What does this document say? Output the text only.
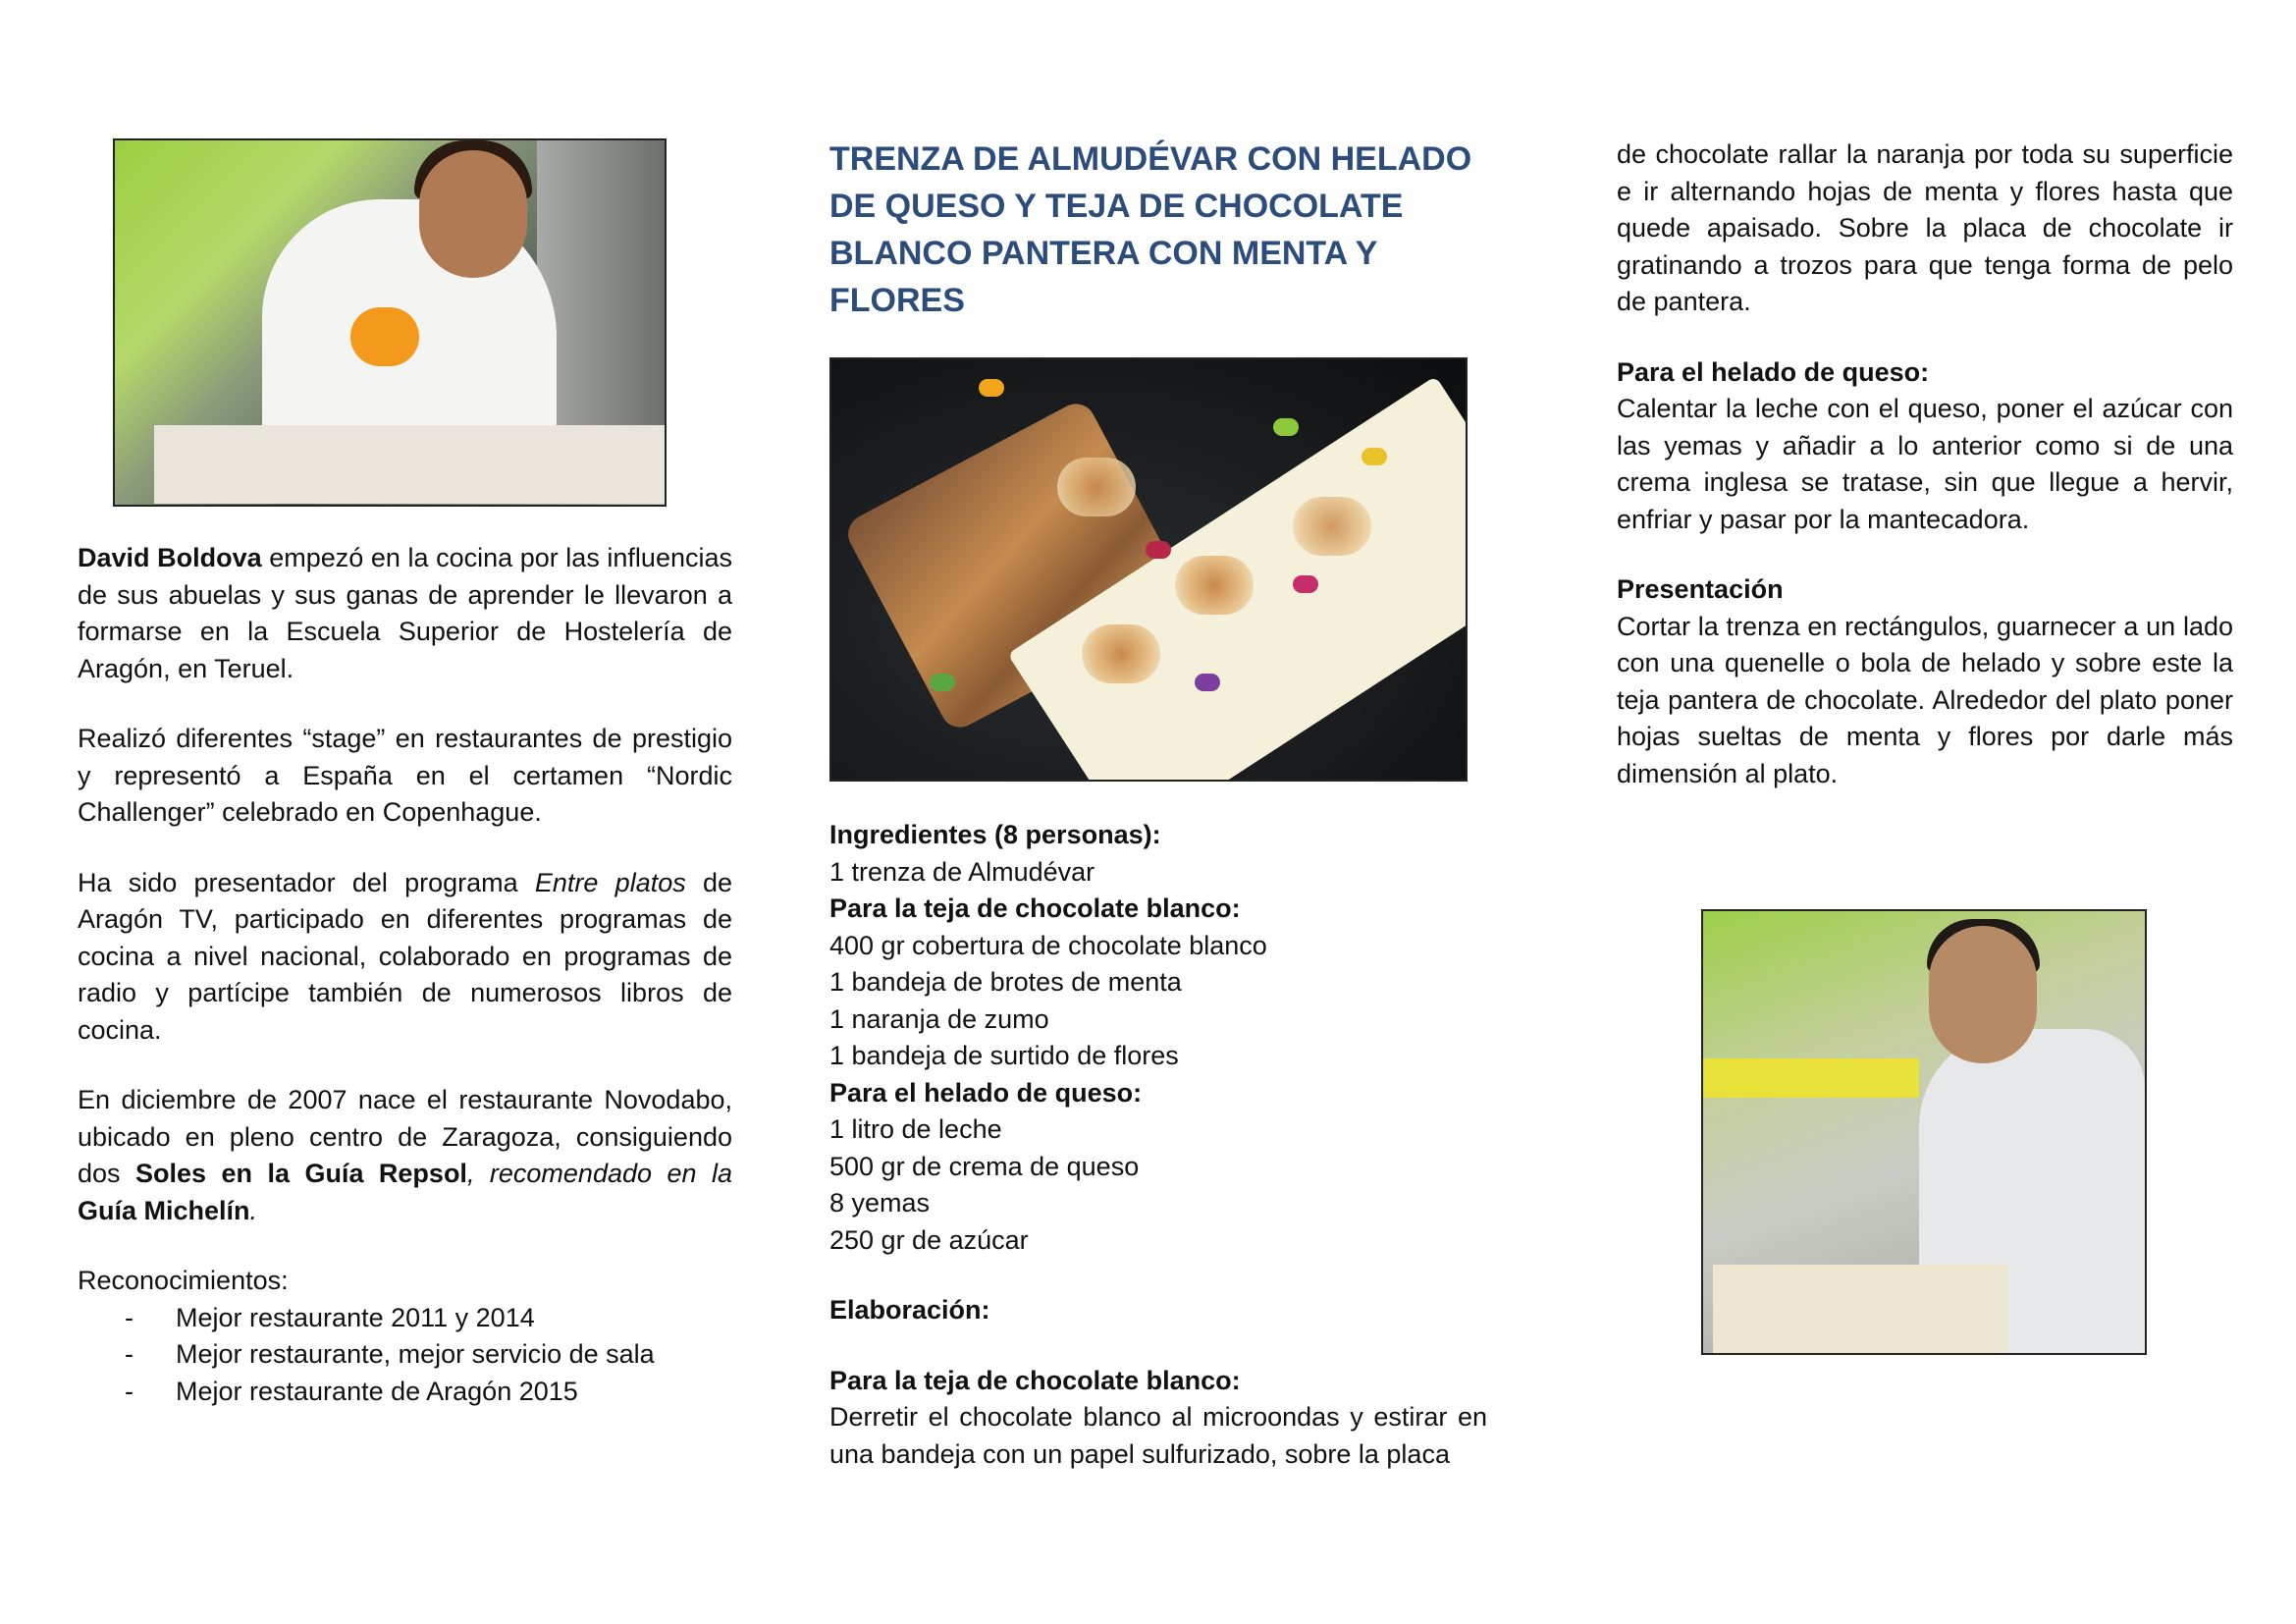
David Boldova empezó en la cocina por las influencias de sus abuelas y sus ganas de aprender le llevaron a formarse en la Escuela Superior de Hostelería de Aragón, en Teruel.

Realizó diferentes “stage” en restaurantes de prestigio y representó a España en el certamen “Nordic Challenger” celebrado en Copenhague.

Ha sido presentador del programa Entre platos de Aragón TV, participado en diferentes programas de cocina a nivel nacional, colaborado en programas de radio y partícipe también de numerosos libros de cocina.

En diciembre de 2007 nace el restaurante Novodabo, ubicado en pleno centro de Zaragoza, consiguiendo dos Soles en la Guía Repsol, recomendado en la Guía Michelín.

Reconocimientos:
- Mejor restaurante 2011 y 2014
- Mejor restaurante, mejor servicio de sala
- Mejor restaurante de Aragón 2015
TRENZA DE ALMUDÉVAR CON HELADO DE QUESO Y TEJA DE CHOCOLATE BLANCO PANTERA CON MENTA Y FLORES
Ingredientes (8 personas):
1 trenza de Almudévar
Para la teja de chocolate blanco:
400 gr cobertura de chocolate blanco
1 bandeja de brotes de menta
1 naranja de zumo
1 bandeja de surtido de flores
Para el helado de queso:
1 litro de leche
500 gr de crema de queso
8 yemas
250 gr de azúcar
Elaboración:
Para la teja de chocolate blanco:
Derretir el chocolate blanco al microondas y estirar en una bandeja con un papel sulfurizado, sobre la placa

de chocolate rallar la naranja por toda su superficie e ir alternando hojas de menta y flores hasta que quede apaisado. Sobre la placa de chocolate ir gratinando a trozos para que tenga forma de pelo de pantera.

Para el helado de queso:

Calentar la leche con el queso, poner el azúcar con las yemas y añadir a lo anterior como si de una crema inglesa se tratase, sin que llegue a hervir, enfriar y pasar por la mantecadora.

Presentación

Cortar la trenza en rectángulos, guarnecer a un lado con una quenelle o bola de helado y sobre este la teja pantera de chocolate. Alrededor del plato poner hojas sueltas de menta y flores por darle más dimensión al plato.
